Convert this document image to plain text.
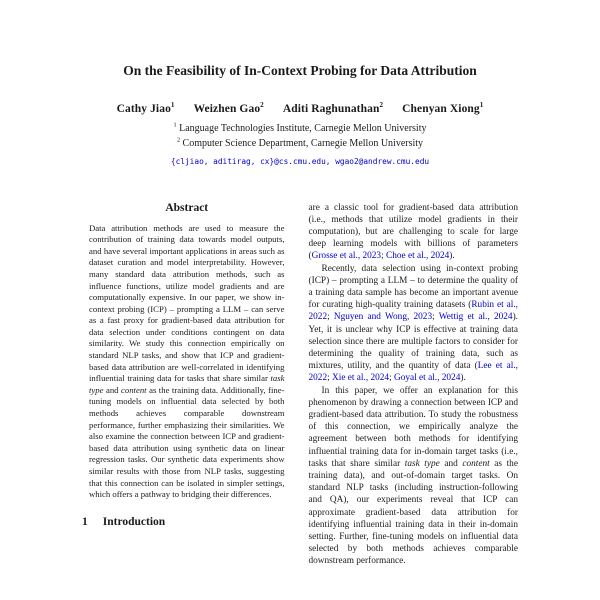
On the Feasibility of In-Context Probing for Data Attribution
Cathy Jiao$^1$ Weizhen Gao$^2$ Aditi Raghunathan$^2$ Chenyan Xiong$^1$
$^1$ Language Technologies Institute, Carnegie Mellon University
$^2$ Computer Science Department, Carnegie Mellon University
{cljiao, aditirag, cx}@cs.cmu.edu, wgao2@andrew.cmu.edu
Abstract
Data attribution methods are used to measure the contribution of training data towards model outputs, and have several important applications in areas such as dataset curation and model interpretability. However, many standard data attribution methods, such as influence functions, utilize model gradients and are computationally expensive. In our paper, we show in-context probing (ICP) – prompting a LLM – can serve as a fast proxy for gradient-based data attribution for data selection under conditions contingent on data similarity. We study this connection empirically on standard NLP tasks, and show that ICP and gradient-based data attribution are well-correlated in identifying influential training data for tasks that share similar task type and content as the training data. Additionally, fine-tuning models on influential data selected by both methods achieves comparable downstream performance, further emphasizing their similarities. We also examine the connection between ICP and gradient-based data attribution using synthetic data on linear regression tasks. Our synthetic data experiments show similar results with those from NLP tasks, suggesting that this connection can be isolated in simpler settings, which offers a pathway to bridging their differences.
1 Introduction
are a classic tool for gradient-based data attribution (i.e., methods that utilize model gradients in their computation), but are challenging to scale for large deep learning models with billions of parameters (Grosse et al., 2023; Choe et al., 2024).
Recently, data selection using in-context probing (ICP) – prompting a LLM – to determine the quality of a training data sample has become an important avenue for curating high-quality training datasets (Rubin et al., 2022; Nguyen and Wong, 2023; Wettig et al., 2024). Yet, it is unclear why ICP is effective at training data selection since there are multiple factors to consider for determining the quality of training data, such as mixtures, utility, and the quantity of data (Lee et al., 2022; Xie et al., 2024; Goyal et al., 2024).
In this paper, we offer an explanation for this phenomenon by drawing a connection between ICP and gradient-based data attribution. To study the robustness of this connection, we empirically analyze the agreement between both methods for identifying influential training data for in-domain target tasks (i.e., tasks that share similar task type and content as the training data), and out-of-domain target tasks. On standard NLP tasks (including instruction-following and QA), our experiments reveal that ICP can approximate gradient-based data attribution for identifying influential training data in their in-domain setting. Further, fine-tuning models on influential data selected by both methods achieves comparable downstream performance.
